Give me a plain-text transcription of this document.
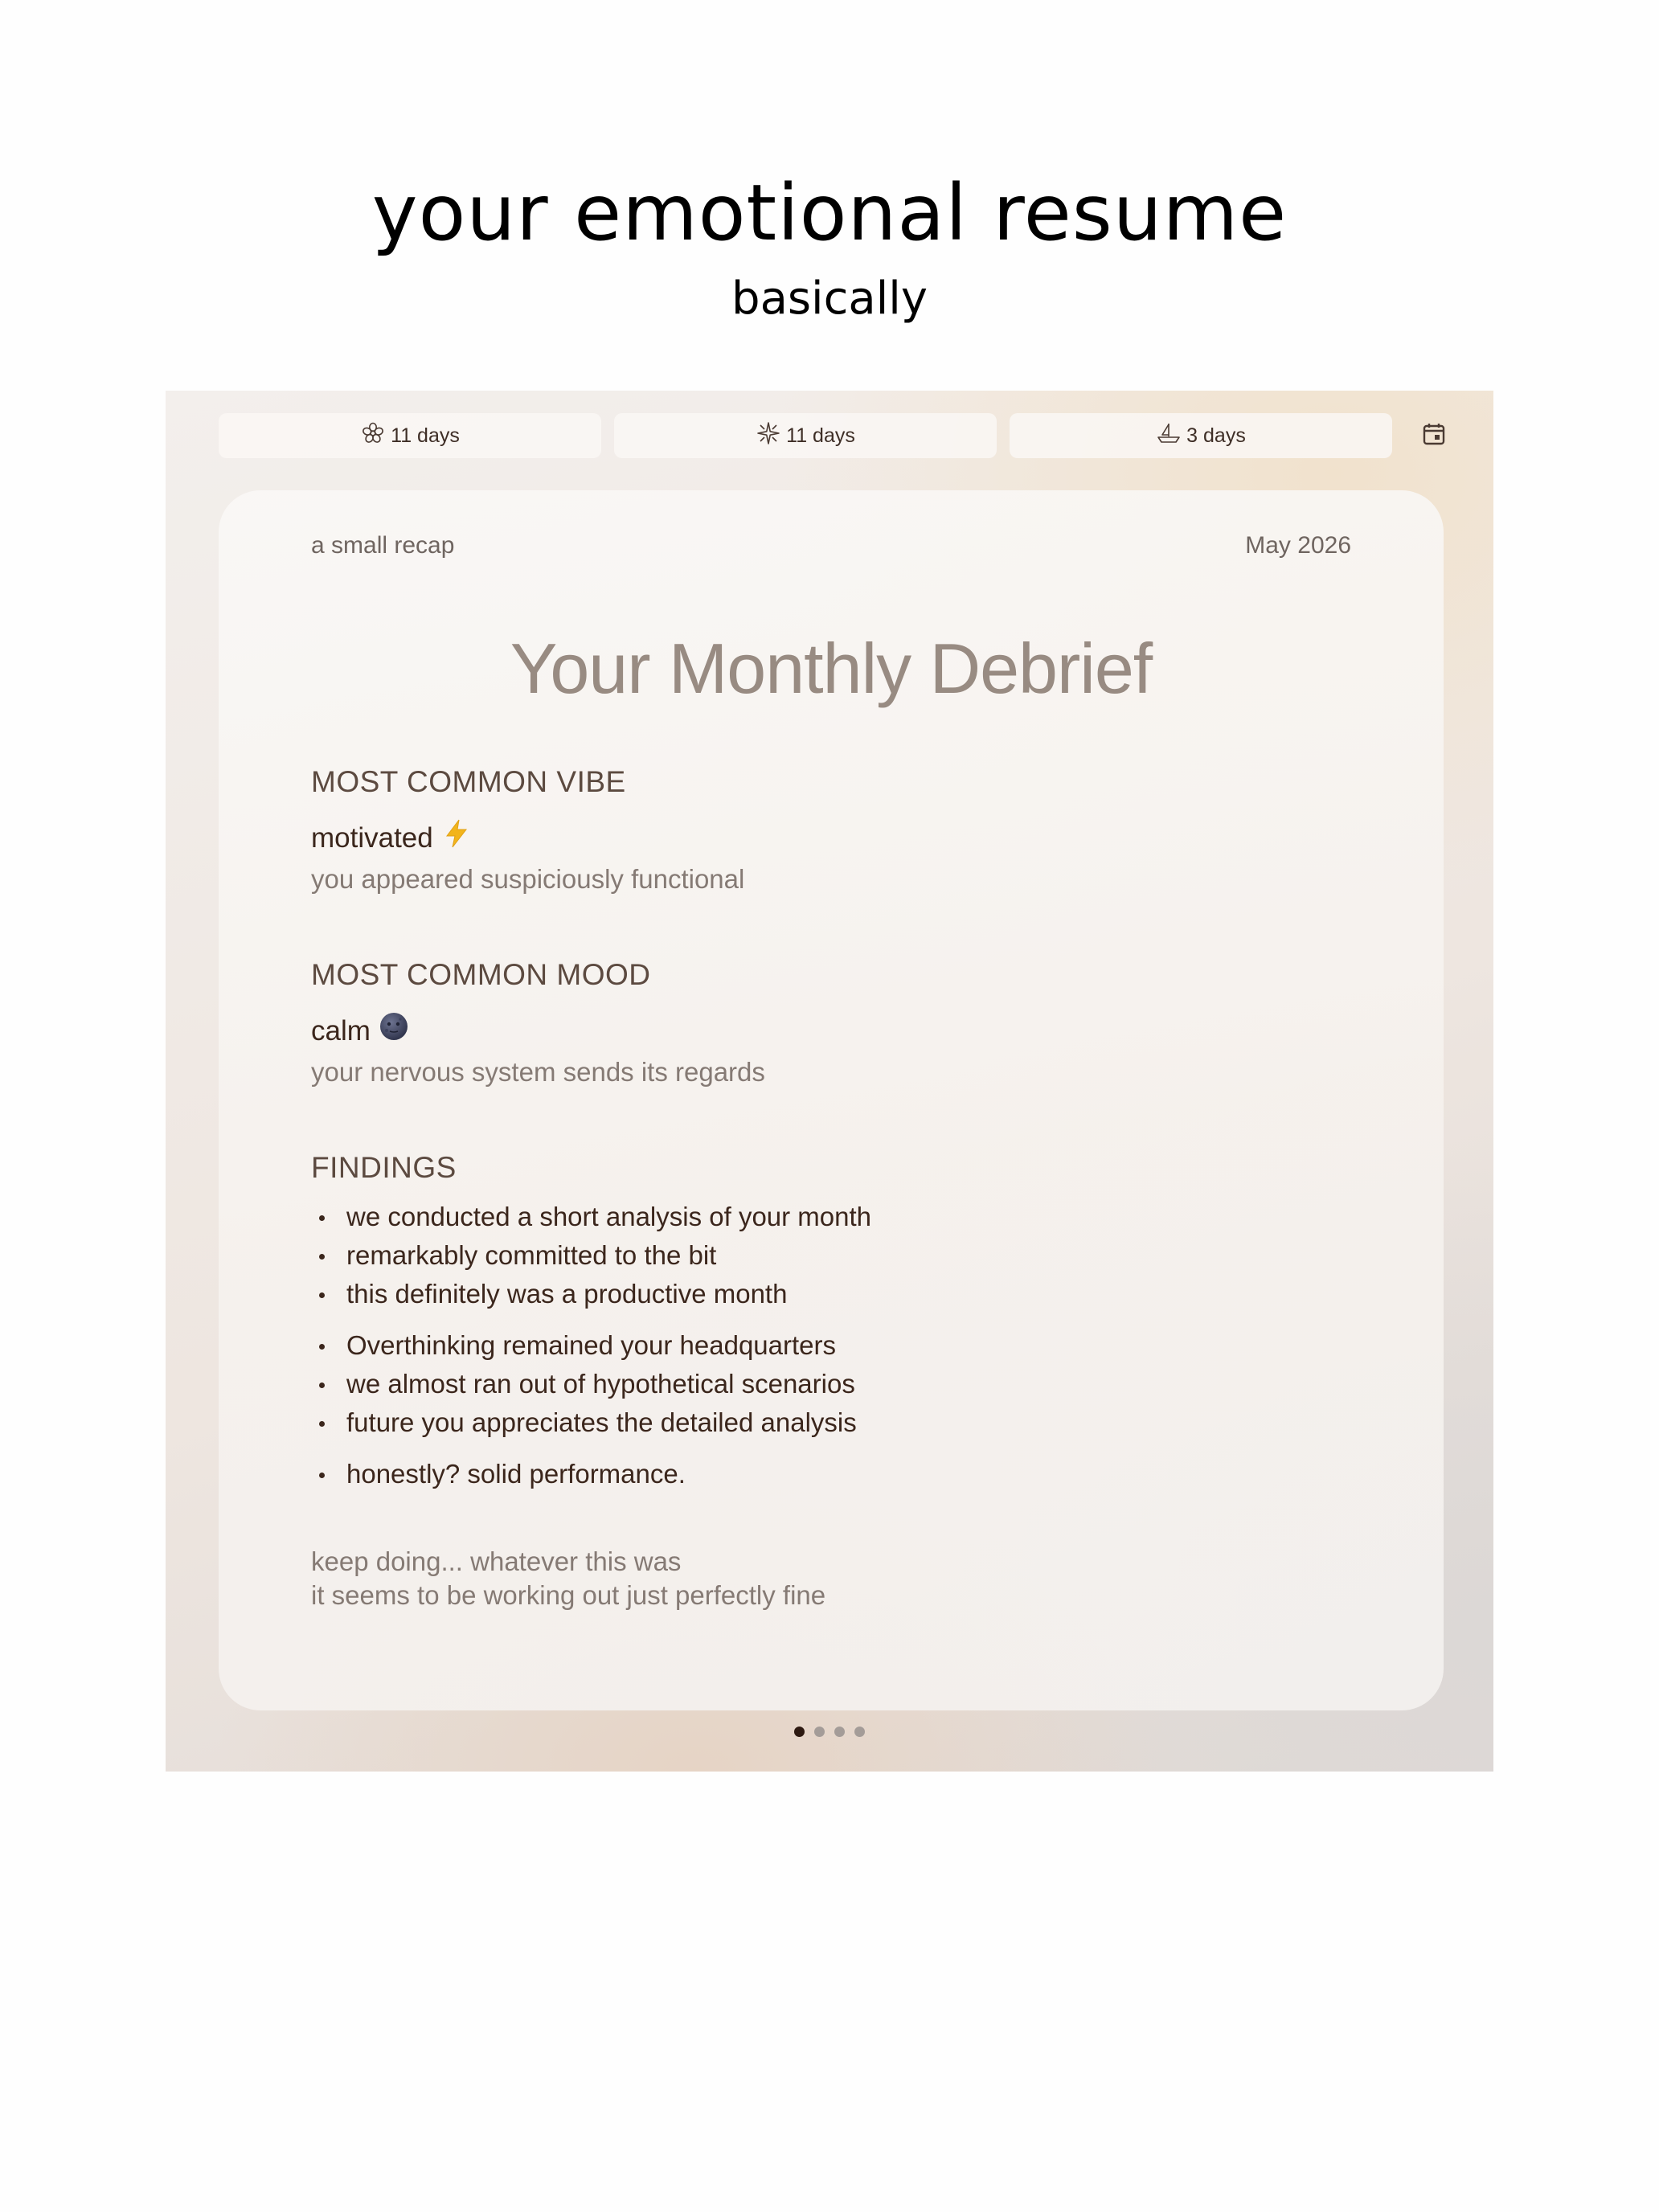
your emotional resume
basically
11 days	11 days	3 days
a small recap	May 2026
Your Monthly Debrief
MOST COMMON VIBE
motivated
you appeared suspiciously functional
MOST COMMON MOOD
calm
your nervous system sends its regards
FINDINGS
we conducted a short analysis of your month
remarkably committed to the bit
this definitely was a productive month
Overthinking remained your headquarters
we almost ran out of hypothetical scenarios
future you appreciates the detailed analysis
honestly? solid performance.
keep doing... whatever this was
it seems to be working out just perfectly fine
